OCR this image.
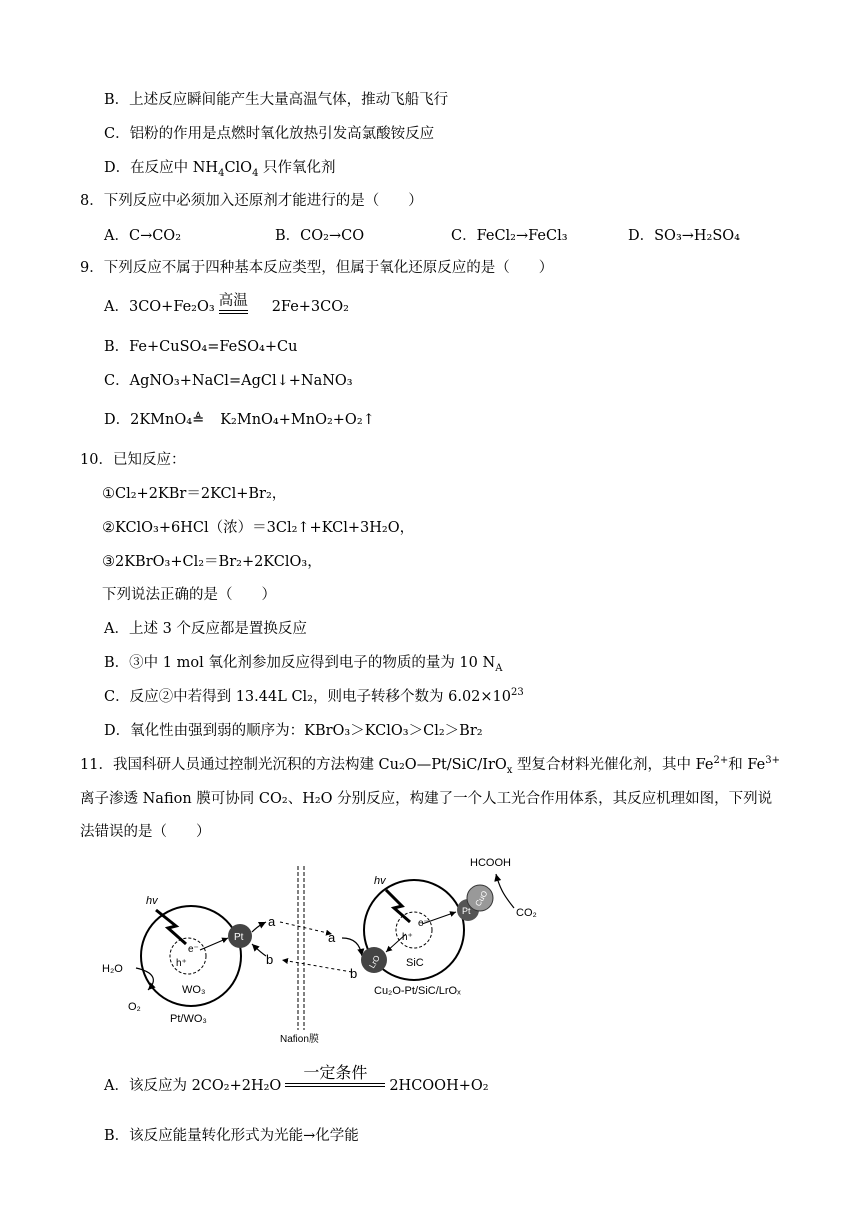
B．上述反应瞬间能产生大量高温气体，推动飞船飞行
C．铝粉的作用是点燃时氧化放热引发高氯酸铵反应
D．在反应中 $NH_4ClO_4$ 只作氧化剂
8．下列反应中必须加入还原剂才能进行的是（　　）
A．C→CO₂	B．CO₂→CO	C．FeCl₂→FeCl₃	D．SO₃→H₂SO₄
9．下列反应不属于四种基本反应类型，但属于氧化还原反应的是（　　）
A．3CO+Fe₂O₃ 高温 2Fe+3CO₂
B．Fe+CuSO₄=FeSO₄+Cu
C．AgNO₃+NaCl=AgCl↓+NaNO₃
D．2KMnO₄≜ K₂MnO₄+MnO₂+O₂↑
10．已知反应：
①Cl₂+2KBr＝2KCl+Br₂，
②KClO₃+6HCl（浓）＝3Cl₂↑+KCl+3H₂O，
③2KBrO₃+Cl₂＝Br₂+2KClO₃，
下列说法正确的是（　　）
A．上述 3 个反应都是置换反应
B．③中 1 mol 氧化剂参加反应得到电子的物质的量为 10 $N_A$
C．反应②中若得到 13.44L Cl₂，则电子转移个数为 $6.02\times 10^{23}$
D．氧化性由强到弱的顺序为：KBrO₃＞KClO₃＞Cl₂＞Br₂
11．我国科研人员通过控制光沉积的方法构建 Cu₂O—Pt/SiC/IrO$_x$ 型复合材料光催化剂，其中 $Fe^{2+}$和 $Fe^{3+}$
离子渗透 Nafion 膜可协同 CO₂、H₂O 分别反应，构建了一个人工光合作用体系，其反应机理如图，下列说
法错误的是（　　）
e⁻
h⁺
Pt
hv
H₂O
O₂
WO₃
Pt/WO₃
a
b
Nafion膜
a
b
e⁻
h⁺
SiC
LrO
Pt
CuO
hv
HCOOH
CO₂
Cu₂O-Pt/SiC/LrOₓ
A．该反应为 2CO₂+2H₂O
一定条件
2HCOOH+O₂
B．该反应能量转化形式为光能→化学能
